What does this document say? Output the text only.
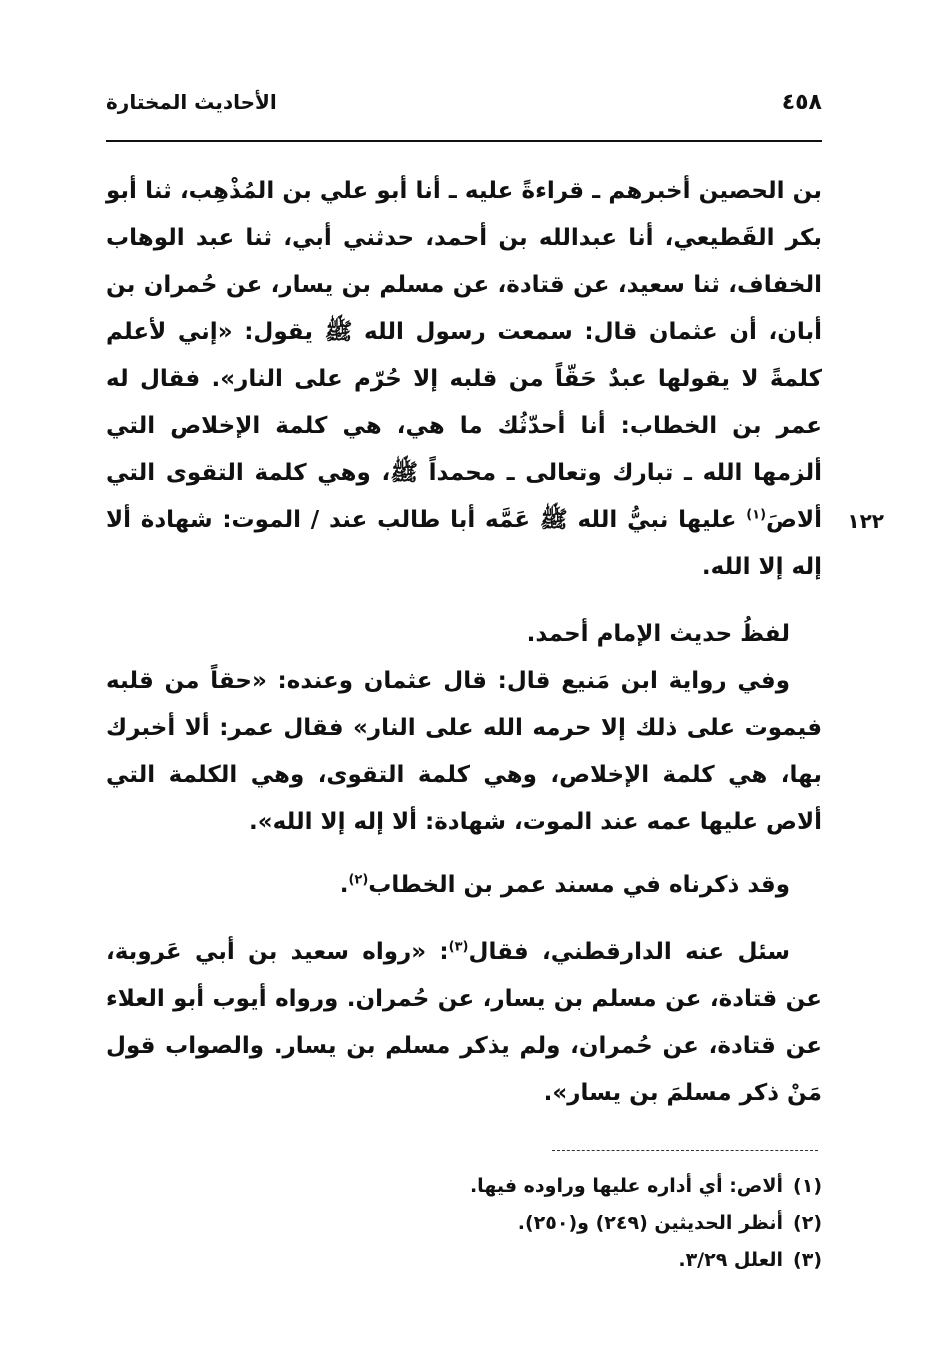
٤٥٨
الأحاديث المختارة

بن الحصين أخبرهم ـ قراءةً عليه ـ أنا أبو علي بن المُذْهِب، ثنا أبو بكر القَطيعي، أنا عبدالله بن أحمد، حدثني أبي، ثنا عبد الوهاب الخفاف، ثنا سعيد، عن قتادة، عن مسلم بن يسار، عن حُمران بن أبان، أن عثمان قال: سمعت رسول الله ﷺ يقول: «إني لأعلم كلمةً لا يقولها عبدٌ حَقّاً من قلبه إلا حُرّم على النار». فقال له عمر بن الخطاب: أنا أحدّثُك ما هي، هي كلمة الإخلاص التي ألزمها الله ـ تبارك وتعالى ـ محمداً ﷺ، وهي كلمة التقوى التي ألاصَ$^{(١)}$ عليها نبيُّ الله ﷺ عَمَّه أبا طالب عند / الموت: شهادة ألا إله إلا الله.
١٢٢

لفظُ حديث الإمام أحمد.

وفي رواية ابن مَنيع قال: قال عثمان وعنده: «حقاً من قلبه فيموت على ذلك إلا حرمه الله على النار» فقال عمر: ألا أخبرك بها، هي كلمة الإخلاص، وهي كلمة التقوى، وهي الكلمة التي ألاص عليها عمه عند الموت، شهادة: ألا إله إلا الله».

وقد ذكرناه في مسند عمر بن الخطاب$^{(٢)}$.

سئل عنه الدارقطني، فقال$^{(٣)}$: «رواه سعيد بن أبي عَروبة، عن قتادة، عن مسلم بن يسار، عن حُمران. ورواه أيوب أبو العلاء عن قتادة، عن حُمران، ولم يذكر مسلم بن يسار. والصواب قول مَنْ ذكر مسلمَ بن يسار».

(١)ألاص: أي أداره عليها وراوده فيها.

(٢)أنظر الحديثين (٢٤٩) و(٢٥٠).

(٣)العلل ٣/٢٩.
